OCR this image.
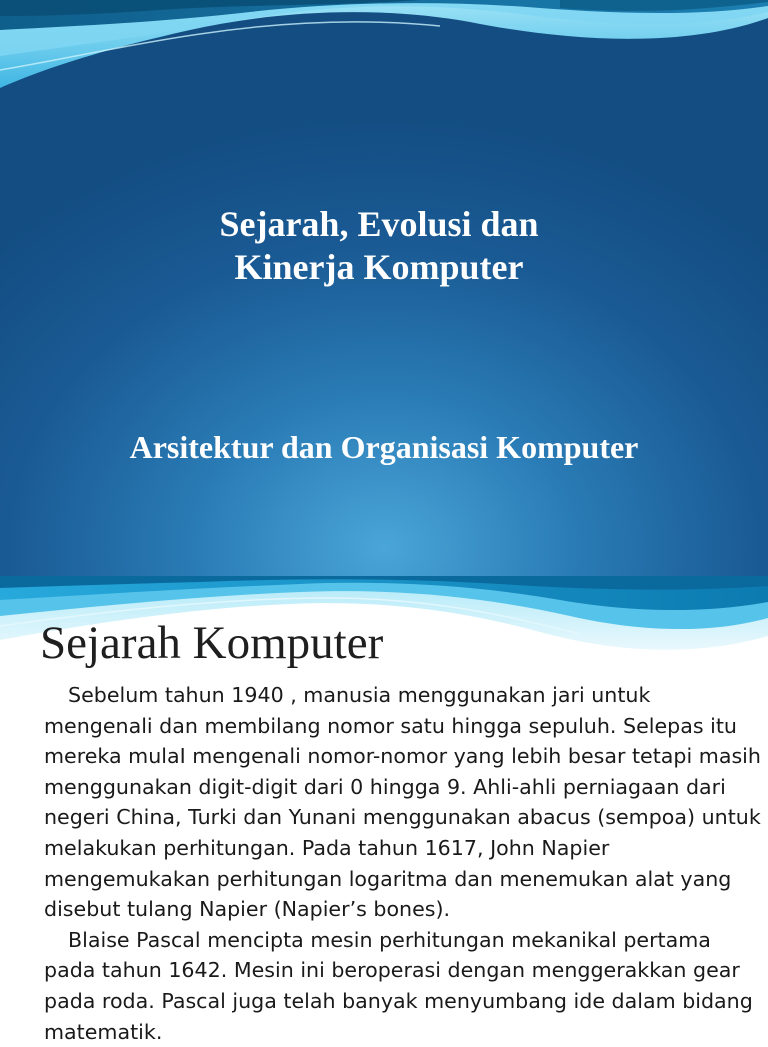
Sejarah, Evolusi dan
Kinerja Komputer
Arsitektur dan Organisasi Komputer
Sejarah Komputer

Sebelum tahun 1940 , manusia menggunakan jari untuk mengenali dan membilang nomor satu hingga sepuluh. Selepas itu mereka mulaI mengenali nomor-nomor yang lebih besar tetapi masih menggunakan digit-digit dari 0 hingga 9. Ahli-ahli perniagaan dari negeri China, Turki dan Yunani menggunakan abacus (sempoa) untuk melakukan perhitungan. Pada tahun 1617, John Napier mengemukakan perhitungan logaritma dan menemukan alat yang disebut tulang Napier (Napier’s bones).

Blaise Pascal mencipta mesin perhitungan mekanikal pertama pada tahun 1642. Mesin ini beroperasi dengan menggerakkan gear pada roda. Pascal juga telah banyak menyumbang ide dalam bidang matematik.
